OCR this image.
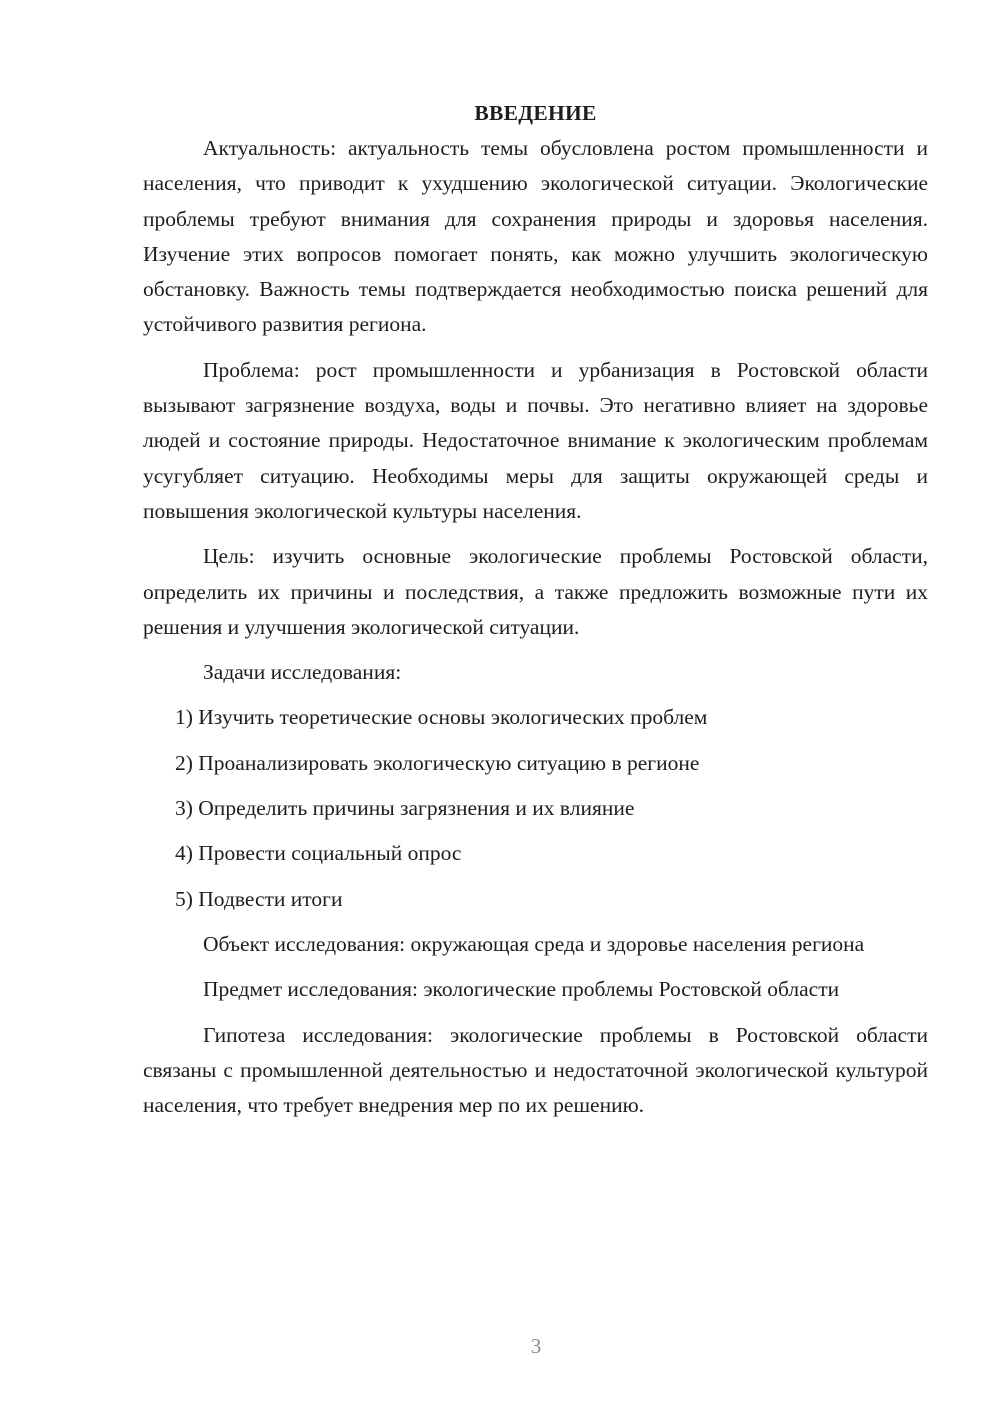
ВВЕДЕНИЕ

Актуальность: актуальность темы обусловлена ростом промышленности и населения, что приводит к ухудшению экологической ситуации. Экологические проблемы требуют внимания для сохранения природы и здоровья населения. Изучение этих вопросов помогает понять, как можно улучшить экологическую обстановку. Важность темы подтверждается необходимостью поиска решений для устойчивого развития региона.

Проблема: рост промышленности и урбанизация в Ростовской области вызывают загрязнение воздуха, воды и почвы. Это негативно влияет на здоровье людей и состояние природы. Недостаточное внимание к экологическим проблемам усугубляет ситуацию. Необходимы меры для защиты окружающей среды и повышения экологической культуры населения.

Цель: изучить основные экологические проблемы Ростовской области, определить их причины и последствия, а также предложить возможные пути их решения и улучшения экологической ситуации.

Задачи исследования:

1) Изучить теоретические основы экологических проблем
2) Проанализировать экологическую ситуацию в регионе
3) Определить причины загрязнения и их влияние
4) Провести социальный опрос
5) Подвести итоги

Объект исследования: окружающая среда и здоровье населения региона

Предмет исследования: экологические проблемы Ростовской области

Гипотеза исследования: экологические проблемы в Ростовской области связаны с промышленной деятельностью и недостаточной экологической культурой населения, что требует внедрения мер по их решению.

3
